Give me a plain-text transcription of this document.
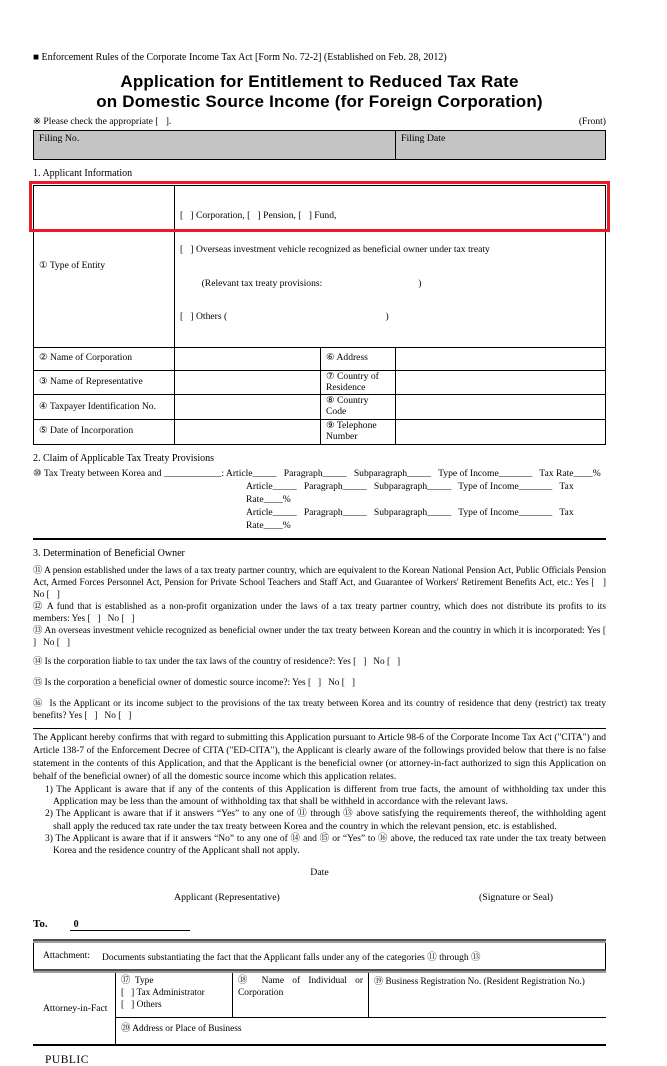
■ Enforcement Rules of the Corporate Income Tax Act [Form No. 72-2] (Established on Feb. 28, 2012)
Application for Entitlement to Reduced Tax Rate
on Domestic Source Income (for Foreign Corporation)
※ Please check the appropriate [   ].	(Front)
Filing No.	Filing Date
1. Applicant Information
① Type of Entity

[   ] Corporation, [   ] Pension, [   ] Fund,

[   ] Overseas investment vehicle recognized as beneficial owner under tax treaty

(Relevant tax treaty provisions:                                        )

[   ] Others (                                                                  )

② Name of Corporation	⑥ Address
③ Name of Representative	⑦ Country of Residence
④ Taxpayer Identification No.	⑧ Country Code
⑤ Date of Incorporation	⑨ Telephone Number
2. Claim of Applicable Tax Treaty Provisions
⑩ Tax Treaty between Korea and ____________: Article_____   Paragraph_____   Subparagraph_____   Type of Income_______   Tax Rate____%
Article_____   Paragraph_____   Subparagraph_____   Type of Income_______   Tax Rate____%
Article_____   Paragraph_____   Subparagraph_____   Type of Income_______   Tax Rate____%
3. Determination of Beneficial Owner
⑪ A pension established under the laws of a tax treaty partner country, which are equivalent to the Korean National Pension Act, Public Officials Pension Act, Armed Forces Personnel Act, Pension for Private School Teachers and Staff Act, and Guarantee of Workers' Retirement Benefits Act, etc.: Yes [   ]   No [   ]
⑫ A fund that is established as a non-profit organization under the laws of a tax treaty partner country, which does not distribute its profits to its members: Yes [   ]   No [   ]
⑬ An overseas investment vehicle recognized as beneficial owner under the tax treaty between Korean and the country in which it is incorporated: Yes [   ]   No [   ]
⑭ Is the corporation liable to tax under the tax laws of the country of residence?: Yes [   ]   No [   ]
⑮ Is the corporation a beneficial owner of domestic source income?: Yes [   ]   No [   ]
⑯  Is the Applicant or its income subject to the provisions of the tax treaty between Korea and its country of residence that deny (restrict) tax treaty benefits? Yes [   ]   No [   ]
The Applicant hereby confirms that with regard to submitting this Application pursuant to Article 98-6 of the Corporate Income Tax Act ("CITA") and Article 138-7 of the Enforcement Decree of CITA ("ED-CITA"), the Applicant is clearly aware of the followings provided below that there is no false statement in the contents of this Application, and that the Applicant is the beneficial owner (or attorney-in-fact authorized to sign this Application on behalf of the beneficial owner) of all the domestic source income which this application relates.
1) The Applicant is aware that if any of the contents of this Application is different from true facts, the amount of withholding tax under this Application may be less than the amount of withholding tax that shall be withheld in accordance with the relevant laws.
2) The Applicant is aware that if it answers “Yes” to any one of ⑪ through ⑬ above satisfying the requirements thereof, the withholding agent shall apply the reduced tax rate under the tax treaty between Korea and the country in which the relevant pension, etc. is established.
3) The Applicant is aware that if it answers “No” to any one of ⑭ and ⑮ or “Yes” to ⑯ above, the reduced tax rate under the tax treaty between Korea and the residence country of the Applicant shall not apply.
Date
Applicant (Representative)	(Signature or Seal)
To.	0
Attachment: Documents substantiating the fact that the Applicant falls under any of the categories ⑪ through ⑬
Attorney-in-Fact
⑰  Type
[   ] Tax Administrator
[   ] Others
⑱ Name of Individual or Corporation
⑲ Business Registration No. (Resident Registration No.)
⑳ Address or Place of Business
PUBLIC
